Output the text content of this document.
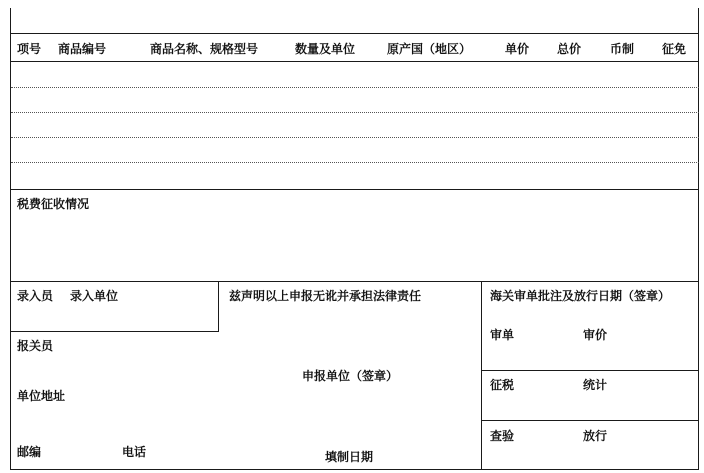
项号 商品编号	商品名称、规格型号	数量及单位	原产国（地区）	单价 总价 币制 征免
税费征收情况
录入员 录入单位	兹声明以上申报无讹并承担法律责任
报关员
申报单位（签章）
单位地址
邮编	电话	填制日期
海关审单批注及放行日期（签章）
审单	审价
征税	统计
查验	放行
